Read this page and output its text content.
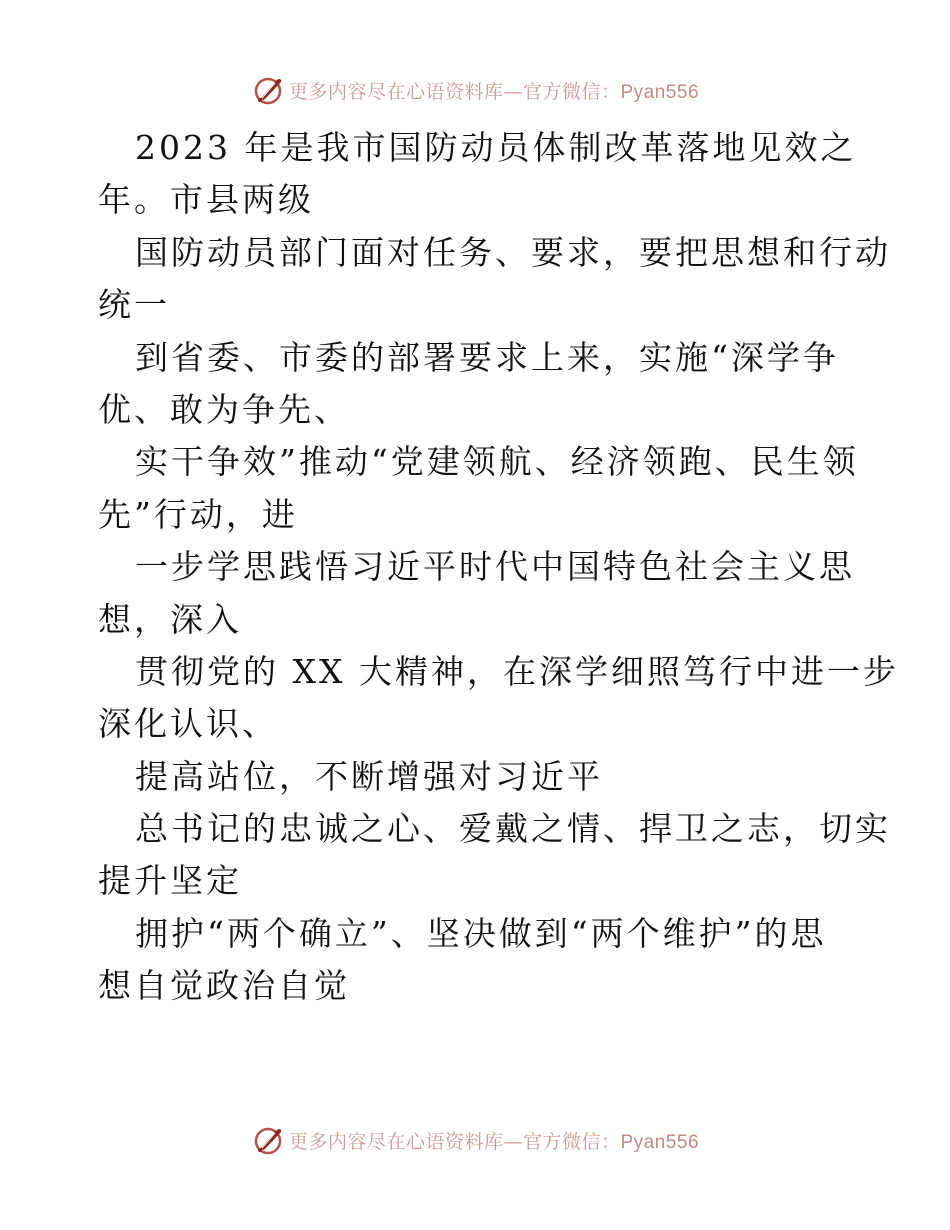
更多内容尽在心语资料库—官方微信：Pyan556
2023 年是我市国防动员体制改革落地见效之
年。市县两级
国防动员部门面对任务、要求，要把思想和行动
统一
到省委、市委的部署要求上来，实施“深学争
优、敢为争先、
实干争效”推动“党建领航、经济领跑、民生领
先”行动，进
一步学思践悟习近平时代中国特色社会主义思
想，深入
贯彻党的 XX 大精神，在深学细照笃行中进一步
深化认识、
提高站位，不断增强对习近平
总书记的忠诚之心、爱戴之情、捍卫之志，切实
提升坚定
拥护“两个确立”、坚决做到“两个维护”的思
想自觉政治自觉
更多内容尽在心语资料库—官方微信：Pyan556
